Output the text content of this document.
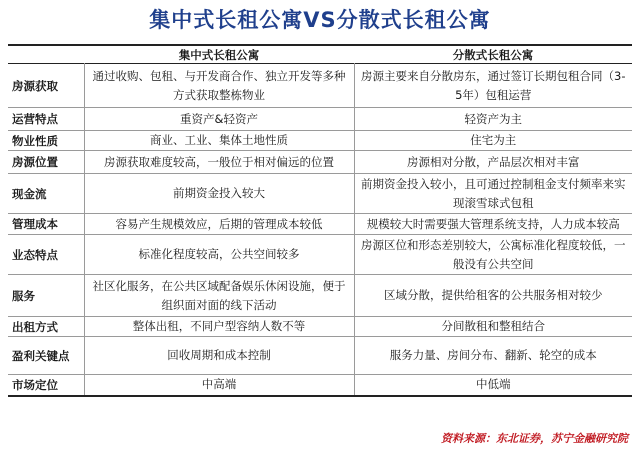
集中式长租公寓VS分散式长租公寓
	集中式长租公寓	分散式长租公寓
房源获取	通过收购、包租、与开发商合作、独立开发等多种方式获取整栋物业	房源主要来自分散房东，通过签订长期包租合同（3-5年）包租运营
运营特点	重资产&轻资产	轻资产为主
物业性质	商业、工业、集体土地性质	住宅为主
房源位置	房源获取难度较高，一般位于相对偏远的位置	房源相对分散，产品层次相对丰富
现金流	前期资金投入较大	前期资金投入较小，且可通过控制租金支付频率来实现滚雪球式包租
管理成本	容易产生规模效应，后期的管理成本较低	规模较大时需要强大管理系统支持，人力成本较高
业态特点	标准化程度较高，公共空间较多	房源区位和形态差别较大，公寓标准化程度较低，一般没有公共空间
服务	社区化服务，在公共区域配备娱乐休闲设施，便于组织面对面的线下活动	区域分散，提供给租客的公共服务相对较少
出租方式	整体出租，不同户型容纳人数不等	分间散租和整租结合
盈利关键点	回收周期和成本控制	服务力量、房间分布、翻新、轮空的成本
市场定位	中高端	中低端
资料来源：东北证券，苏宁金融研究院
